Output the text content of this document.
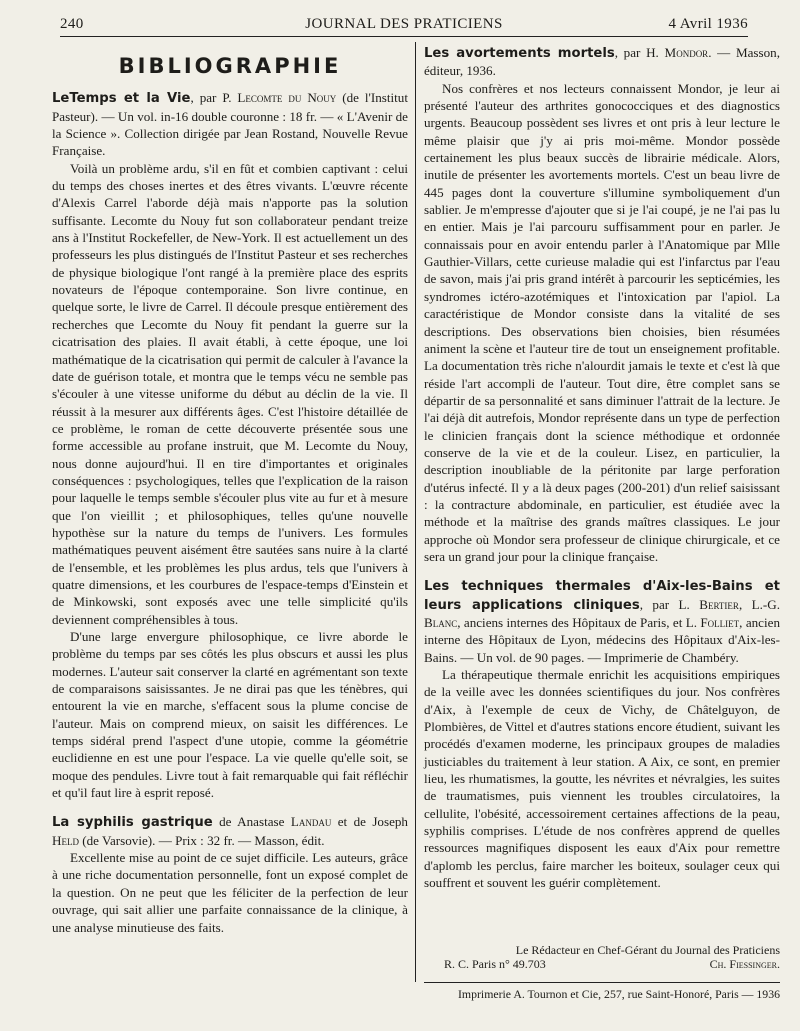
240	JOURNAL DES PRATICIENS	4 Avril 1936
BIBLIOGRAPHIE

LeTemps et la Vie, par P. Lecomte du Nouy (de l'Institut Pasteur). — Un vol. in-16 double couronne : 18 fr. — « L'Avenir de la Science ». Collection dirigée par Jean Rostand, Nouvelle Revue Française.

Voilà un problème ardu, s'il en fût et combien captivant : celui du temps des choses inertes et des êtres vivants. L'œuvre récente d'Alexis Carrel l'aborde déjà mais n'apporte pas la solution suffisante. Lecomte du Nouy fut son collaborateur pendant treize ans à l'Institut Rockefeller, de New-York. Il est actuellement un des professeurs les plus distingués de l'Institut Pasteur et ses recherches de physique biologique l'ont rangé à la première place des esprits novateurs de l'époque contemporaine. Son livre continue, en quelque sorte, le livre de Carrel. Il découle presque entièrement des recherches que Lecomte du Nouy fit pendant la guerre sur la cicatrisation des plaies. Il avait établi, à cette époque, une loi mathématique de la cicatrisation qui permit de calculer à l'avance la date de guérison totale, et montra que le temps vécu ne semble pas s'écouler à une vitesse uniforme du début au déclin de la vie. Il réussit à la mesurer aux différents âges. C'est l'histoire détaillée de ce problème, le roman de cette découverte présentée sous une forme accessible au profane instruit, que M. Lecomte du Nouy, nous donne aujourd'hui. Il en tire d'importantes et originales conséquences : psychologiques, telles que l'explication de la raison pour laquelle le temps semble s'écouler plus vite au fur et à mesure que l'on vieillit ; et philosophiques, telles qu'une nouvelle hypothèse sur la nature du temps de l'univers. Les formules mathématiques peuvent aisément être sautées sans nuire à la clarté de l'ensemble, et les problèmes les plus ardus, tels que l'univers à quatre dimensions, et les courbures de l'espace-temps d'Einstein et de Minkowski, sont exposés avec une telle simplicité qu'ils deviennent compréhensibles à tous.

D'une large envergure philosophique, ce livre aborde le problème du temps par ses côtés les plus obscurs et aussi les plus modernes. L'auteur sait conserver la clarté en agrémentant son texte de comparaisons saisissantes. Je ne dirai pas que les ténèbres, qui entourent la vie en marche, s'effacent sous la plume concise de l'auteur. Mais on comprend mieux, on saisit les différences. Le temps sidéral prend l'aspect d'une utopie, comme la géométrie euclidienne en est une pour l'espace. La vie quelle qu'elle soit, se moque des pendules. Livre tout à fait remarquable qui fait réfléchir et qu'il faut lire à esprit reposé.

La syphilis gastrique de Anastase Landau et de Joseph Held (de Varsovie). — Prix : 32 fr. — Masson, édit.

Excellente mise au point de ce sujet difficile. Les auteurs, grâce à une riche documentation personnelle, font un exposé complet de la question. On ne peut que les féliciter de la perfection de leur ouvrage, qui sait allier une parfaite connaissance de la clinique, à une analyse minutieuse des faits.

Les avortements mortels, par H. Mondor. — Masson, éditeur, 1936.

Nos confrères et nos lecteurs connaissent Mondor, je leur ai présenté l'auteur des arthrites gonococciques et des diagnostics urgents. Beaucoup possèdent ses livres et ont pris à leur lecture le même plaisir que j'y ai pris moi-même. Mondor possède certainement les plus beaux succès de librairie médicale. Alors, inutile de présenter les avortements mortels. C'est un beau livre de 445 pages dont la couverture s'illumine symboliquement d'un sablier. Je m'empresse d'ajouter que si je l'ai coupé, je ne l'ai pas lu en entier. Mais je l'ai parcouru suffisamment pour en parler. Je connaissais pour en avoir entendu parler à l'Anatomique par Mlle Gauthier-Villars, cette curieuse maladie qui est l'infarctus par l'eau de savon, mais j'ai pris grand intérêt à parcourir les septicémies, les syndromes ictéro-azotémiques et l'intoxication par l'apiol. La caractéristique de Mondor consiste dans la vitalité de ses descriptions. Des observations bien choisies, bien résumées animent la scène et l'auteur tire de tout un enseignement profitable. La documentation très riche n'alourdit jamais le texte et c'est là que réside l'art accompli de l'auteur. Tout dire, être complet sans se départir de sa personnalité et sans diminuer l'attrait de la lecture. Je l'ai déjà dit autrefois, Mondor représente dans un type de perfection le clinicien français dont la science méthodique et ordonnée conserve de la vie et de la couleur. Lisez, en particulier, la description inoubliable de la péritonite par large perforation d'utérus infecté. Il y a là deux pages (200-201) d'un relief saisissant : la contracture abdominale, en particulier, est étudiée avec la méthode et la maîtrise des grands maîtres classiques. Le jour approche où Mondor sera professeur de clinique chirurgicale, et ce sera un grand jour pour la clinique française.

Les techniques thermales d'Aix-les-Bains et leurs applications cliniques, par L. Bertier, L.-G. Blanc, anciens internes des Hôpitaux de Paris, et L. Folliet, ancien interne des Hôpitaux de Lyon, médecins des Hôpitaux d'Aix-les-Bains. — Un vol. de 90 pages. — Imprimerie de Chambéry.

La thérapeutique thermale enrichit les acquisitions empiriques de la veille avec les données scientifiques du jour. Nos confrères d'Aix, à l'exemple de ceux de Vichy, de Châtelguyon, de Plombières, de Vittel et d'autres stations encore étudient, suivant les procédés d'examen moderne, les principaux groupes de maladies justiciables du traitement à leur station. A Aix, ce sont, en premier lieu, les rhumatismes, la goutte, les névrites et névralgies, les suites de traumatismes, puis viennent les troubles circulatoires, la cellulite, l'obésité, accessoirement certaines affections de la peau, syphilis comprises. L'étude de nos confrères apprend de quelles ressources magnifiques disposent les eaux d'Aix pour remettre d'aplomb les perclus, faire marcher les boiteux, soulager ceux qui souffrent et souvent les guérir complètement.

Le Rédacteur en Chef-Gérant du Journal des Praticiens
R. C. Paris n° 49.703	Ch. Fiessinger.
Imprimerie A. Tournon et Cie, 257, rue Saint-Honoré, Paris — 1936
